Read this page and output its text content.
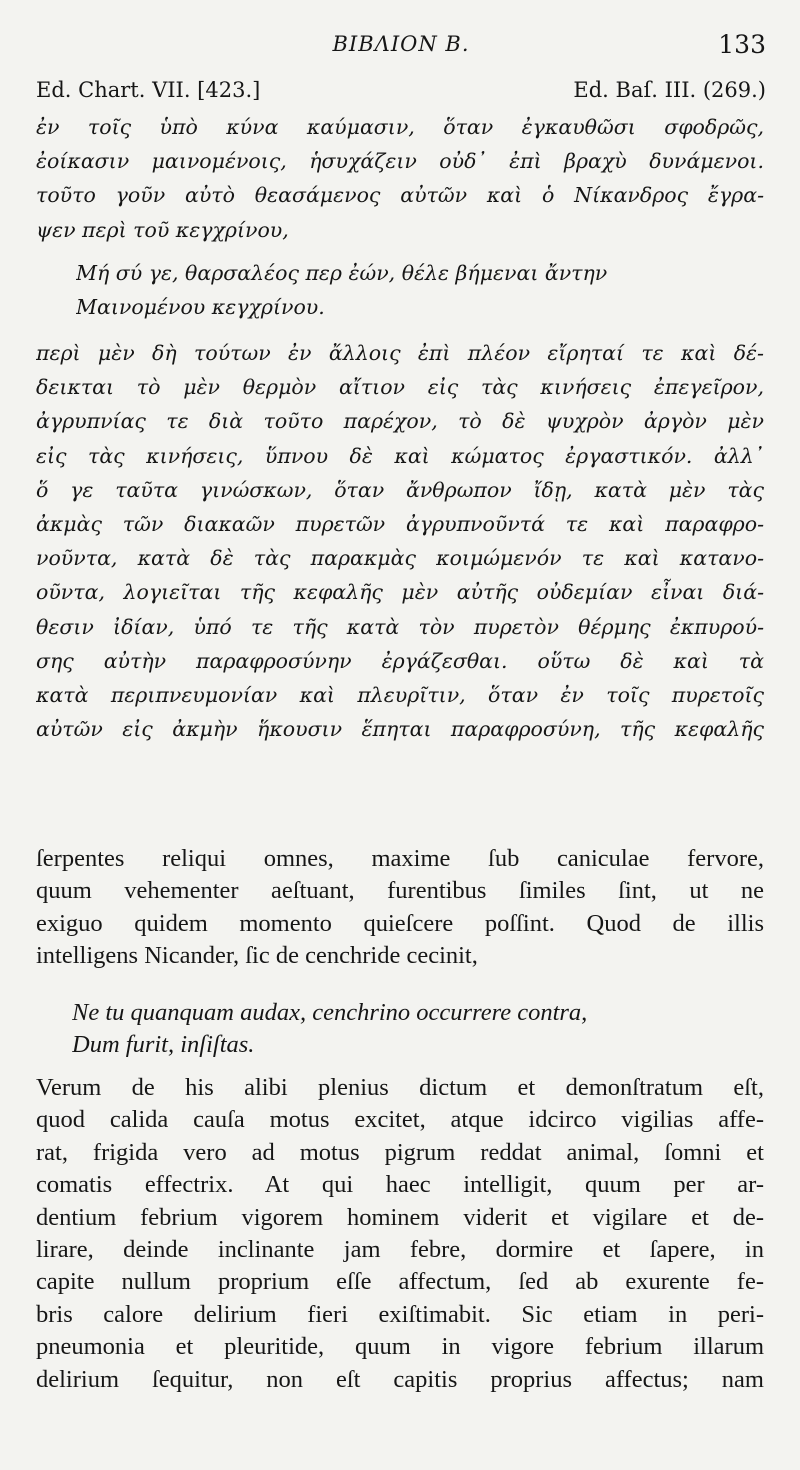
ΒΙΒΛΙΟΝ Β.	133
Ed. Chart. VII. [423.]	Ed. Baſ. III. (269.)
ἐν τοῖς ὑπὸ κύνα καύμασιν, ὅταν ἐγκαυθῶσι σφοδρῶς,
ἐοίκασιν μαινομένοις, ἡσυχάζειν οὐδ᾽ ἐπὶ βραχὺ δυνάμενοι.
τοῦτο γοῦν αὐτὸ θεασάμενος αὐτῶν καὶ ὁ Νίκανδρος ἔγρα-
ψεν περὶ τοῦ κεγχρίνου,
Μή σύ γε, θαρσαλέος περ ἐών, θέλε βήμεναι ἄντην
Μαινομένου κεγχρίνου.
περὶ μὲν δὴ τούτων ἐν ἄλλοις ἐπὶ πλέον εἴρηταί τε καὶ δέ-
δεικται τὸ μὲν θερμὸν αἴτιον εἰς τὰς κινήσεις ἐπεγεῖρον,
ἀγρυπνίας τε διὰ τοῦτο παρέχον, τὸ δὲ ψυχρὸν ἀργὸν μὲν
εἰς τὰς κινήσεις, ὕπνου δὲ καὶ κώματος ἐργαστικόν. ἀλλ᾽
ὅ γε ταῦτα γινώσκων, ὅταν ἄνθρωπον ἴδῃ, κατὰ μὲν τὰς
ἀκμὰς τῶν διακαῶν πυρετῶν ἀγρυπνοῦντά τε καὶ παραφρο-
νοῦντα, κατὰ δὲ τὰς παρακμὰς κοιμώμενόν τε καὶ κατανο-
οῦντα, λογιεῖται τῆς κεφαλῆς μὲν αὐτῆς οὐδεμίαν εἶναι διά-
θεσιν ἰδίαν, ὑπό τε τῆς κατὰ τὸν πυρετὸν θέρμης ἐκπυρού-
σης αὐτὴν παραφροσύνην ἐργάζεσθαι. οὕτω δὲ καὶ τὰ
κατὰ περιπνευμονίαν καὶ πλευρῖτιν, ὅταν ἐν τοῖς πυρετοῖς
αὐτῶν εἰς ἀκμὴν ἥκουσιν ἕπηται παραφροσύνη, τῆς κεφαλῆς
ſerpentes reliqui omnes, maxime ſub caniculae fervore,
quum vehementer aeſtuant, furentibus ſimiles ſint, ut ne
exiguo quidem momento quieſcere poſſint. Quod de illis
intelligens Nicander, ſic de cenchride cecinit,
Ne tu quanquam audax, cenchrino occurrere contra,
Dum furit, inſiſtas.
Verum de his alibi plenius dictum et demonſtratum eſt,
quod calida cauſa motus excitet, atque idcirco vigilias affe-
rat, frigida vero ad motus pigrum reddat animal, ſomni et
comatis effectrix. At qui haec intelligit, quum per ar-
dentium febrium vigorem hominem viderit et vigilare et de-
lirare, deinde inclinante jam febre, dormire et ſapere, in
capite nullum proprium eſſe affectum, ſed ab exurente fe-
bris calore delirium fieri exiſtimabit. Sic etiam in peri-
pneumonia et pleuritide, quum in vigore febrium illarum
delirium ſequitur, non eſt capitis proprius affectus; nam
